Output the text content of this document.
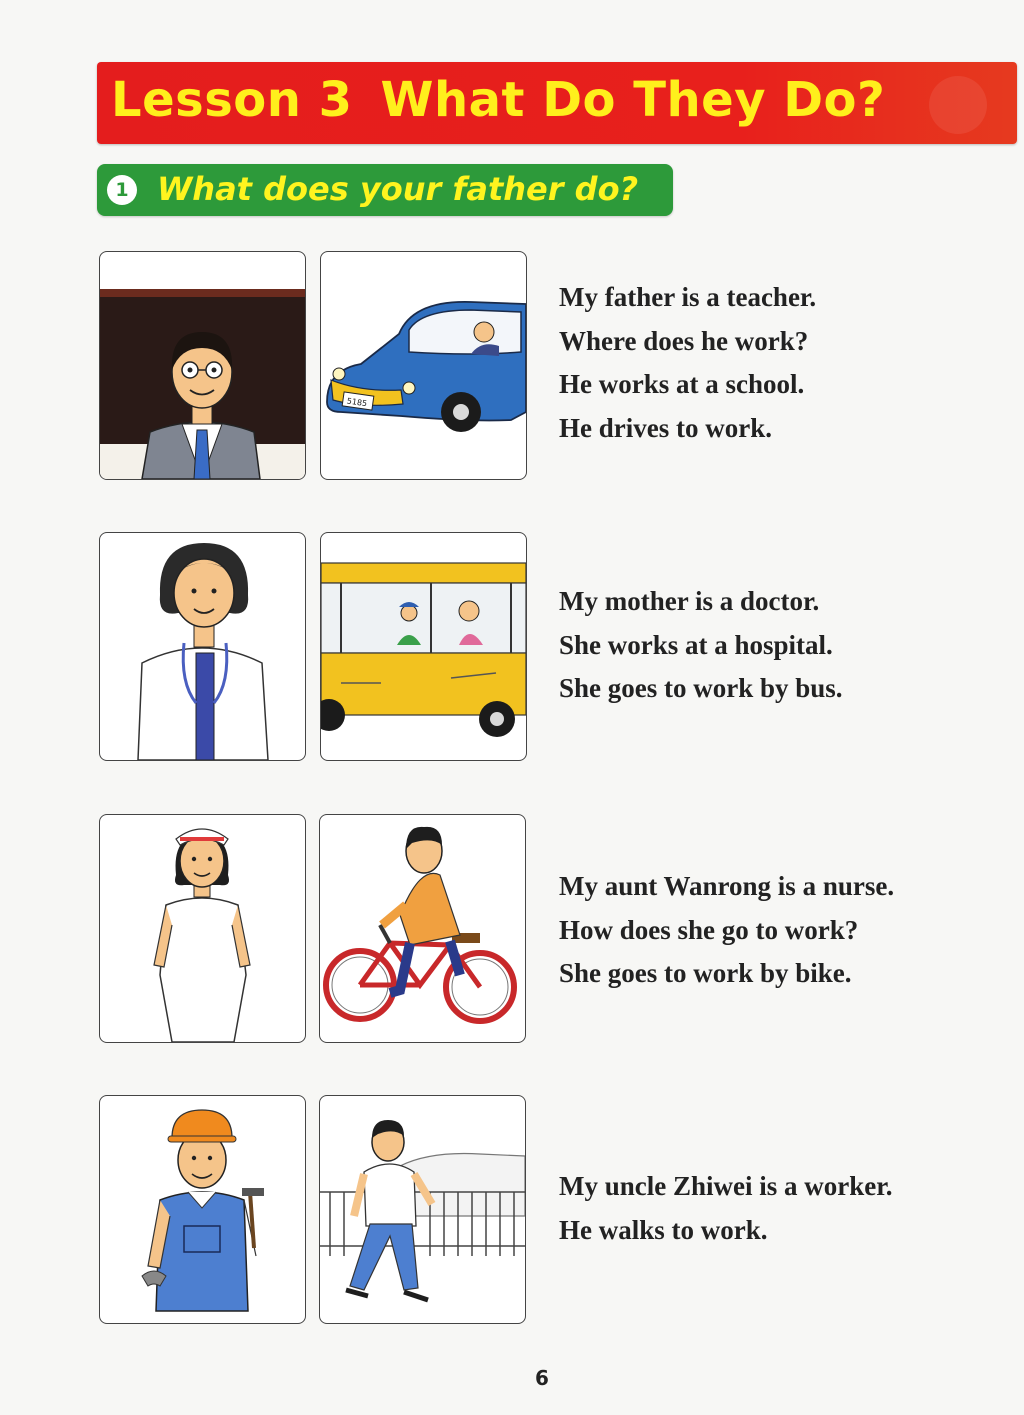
Lesson 3 What Do They Do?
1 What does your father do?
5185
My father is a teacher.
Where does he work?
He works at a school.
He drives to work.
My mother is a doctor.
She works at a hospital.
She goes to work by bus.
My aunt Wanrong is a nurse.
How does she go to work?
She goes to work by bike.
My uncle Zhiwei is a worker.
He walks to work.
6
